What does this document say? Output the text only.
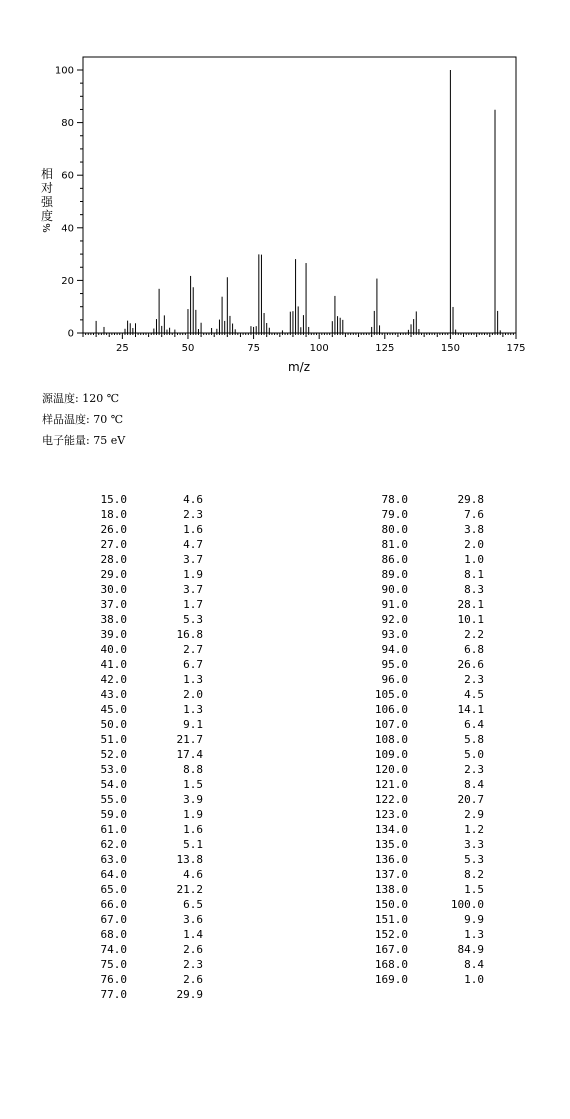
25	50	75	100	125	150	175
0
20
40
60
80
100
m/z
相
对
强
度
%
源温度: 120 ℃
样品温度: 70 ℃
电子能量: 75 eV
15.0	4.6
18.0	2.3
26.0	1.6
27.0	4.7
28.0	3.7
29.0	1.9
30.0	3.7
37.0	1.7
38.0	5.3
39.0	16.8
40.0	2.7
41.0	6.7
42.0	1.3
43.0	2.0
45.0	1.3
50.0	9.1
51.0	21.7
52.0	17.4
53.0	8.8
54.0	1.5
55.0	3.9
59.0	1.9
61.0	1.6
62.0	5.1
63.0	13.8
64.0	4.6
65.0	21.2
66.0	6.5
67.0	3.6
68.0	1.4
74.0	2.6
75.0	2.3
76.0	2.6
77.0	29.9
78.0	29.8
79.0	7.6
80.0	3.8
81.0	2.0
86.0	1.0
89.0	8.1
90.0	8.3
91.0	28.1
92.0	10.1
93.0	2.2
94.0	6.8
95.0	26.6
96.0	2.3
105.0	4.5
106.0	14.1
107.0	6.4
108.0	5.8
109.0	5.0
120.0	2.3
121.0	8.4
122.0	20.7
123.0	2.9
134.0	1.2
135.0	3.3
136.0	5.3
137.0	8.2
138.0	1.5
150.0	100.0
151.0	9.9
152.0	1.3
167.0	84.9
168.0	8.4
169.0	1.0
